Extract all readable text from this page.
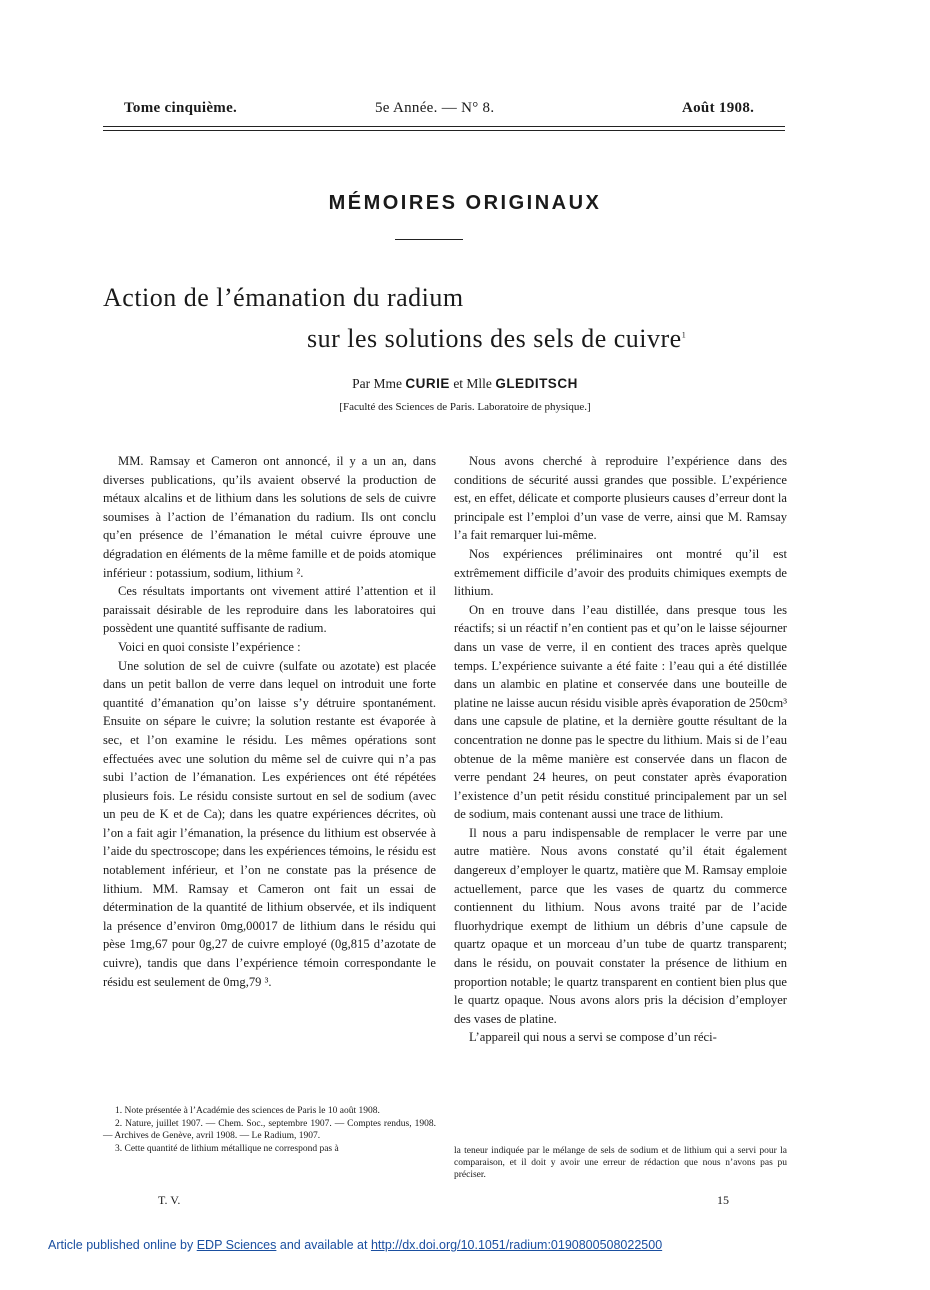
Tome cinquième.	5e Année. — N° 8.	Août 1908.
MÉMOIRES ORIGINAUX
Action de l’émanation du radium
sur les solutions des sels de cuivre$^1$
Par Mme CURIE et Mlle GLEDITSCH
[Faculté des Sciences de Paris. Laboratoire de physique.]

MM. Ramsay et Cameron ont annoncé, il y a un an, dans diverses publications, qu’ils avaient observé la production de métaux alcalins et de lithium dans les solutions de sels de cuivre soumises à l’action de l’émanation du radium. Ils ont conclu qu’en présence de l’émanation le métal cuivre éprouve une dégradation en éléments de la même famille et de poids atomique inférieur : potassium, sodium, lithium ².

Ces résultats importants ont vivement attiré l’attention et il paraissait désirable de les reproduire dans les laboratoires qui possèdent une quantité suffisante de radium.

Voici en quoi consiste l’expérience :

Une solution de sel de cuivre (sulfate ou azotate) est placée dans un petit ballon de verre dans lequel on introduit une forte quantité d’émanation qu’on laisse s’y détruire spontanément. Ensuite on sépare le cuivre; la solution restante est évaporée à sec, et l’on examine le résidu. Les mêmes opérations sont effectuées avec une solution du même sel de cuivre qui n’a pas subi l’action de l’émanation. Les expériences ont été répétées plusieurs fois. Le résidu consiste surtout en sel de sodium (avec un peu de K et de Ca); dans les quatre expériences décrites, où l’on a fait agir l’émanation, la présence du lithium est observée à l’aide du spectroscope; dans les expériences témoins, le résidu est notablement inférieur, et l’on ne constate pas la présence de lithium. MM. Ramsay et Cameron ont fait un essai de détermination de la quantité de lithium observée, et ils indiquent la présence d’environ 0mg,00017 de lithium dans le résidu qui pèse 1mg,67 pour 0g,27 de cuivre employé (0g,815 d’azotate de cuivre), tandis que dans l’expérience témoin correspondante le résidu est seulement de 0mg,79 ³.

1. Note présentée à l’Académie des sciences de Paris le 10 août 1908.

2. Nature, juillet 1907. — Chem. Soc., septembre 1907. — Comptes rendus, 1908. — Archives de Genève, avril 1908. — Le Radium, 1907.

3. Cette quantité de lithium métallique ne correspond pas à

Nous avons cherché à reproduire l’expérience dans des conditions de sécurité aussi grandes que possible. L’expérience est, en effet, délicate et comporte plusieurs causes d’erreur dont la principale est l’emploi d’un vase de verre, ainsi que M. Ramsay l’a fait remarquer lui-même.

Nos expériences préliminaires ont montré qu’il est extrêmement difficile d’avoir des produits chimiques exempts de lithium.

On en trouve dans l’eau distillée, dans presque tous les réactifs; si un réactif n’en contient pas et qu’on le laisse séjourner dans un vase de verre, il en contient des traces après quelque temps. L’expérience suivante a été faite : l’eau qui a été distillée dans un alambic en platine et conservée dans une bouteille de platine ne laisse aucun résidu visible après évaporation de 250cm³ dans une capsule de platine, et la dernière goutte résultant de la concentration ne donne pas le spectre du lithium. Mais si de l’eau obtenue de la même manière est conservée dans un flacon de verre pendant 24 heures, on peut constater après évaporation l’existence d’un petit résidu constitué principalement par un sel de sodium, mais contenant aussi une trace de lithium.

Il nous a paru indispensable de remplacer le verre par une autre matière. Nous avons constaté qu’il était également dangereux d’employer le quartz, matière que M. Ramsay emploie actuellement, parce que les vases de quartz du commerce contiennent du lithium. Nous avons traité par de l’acide fluorhydrique exempt de lithium un débris d’une capsule de quartz opaque et un morceau d’un tube de quartz transparent; dans le résidu, on pouvait constater la présence de lithium en proportion notable; le quartz transparent en contient bien plus que le quartz opaque. Nous avons alors pris la décision d’employer des vases de platine.

L’appareil qui nous a servi se compose d’un réci-

la teneur indiquée par le mélange de sels de sodium et de lithium qui a servi pour la comparaison, et il doit y avoir une erreur de rédaction que nous n’avons pas pu préciser.

T. V.	15
Article published online by EDP Sciences and available at http://dx.doi.org/10.1051/radium:0190800508022500
